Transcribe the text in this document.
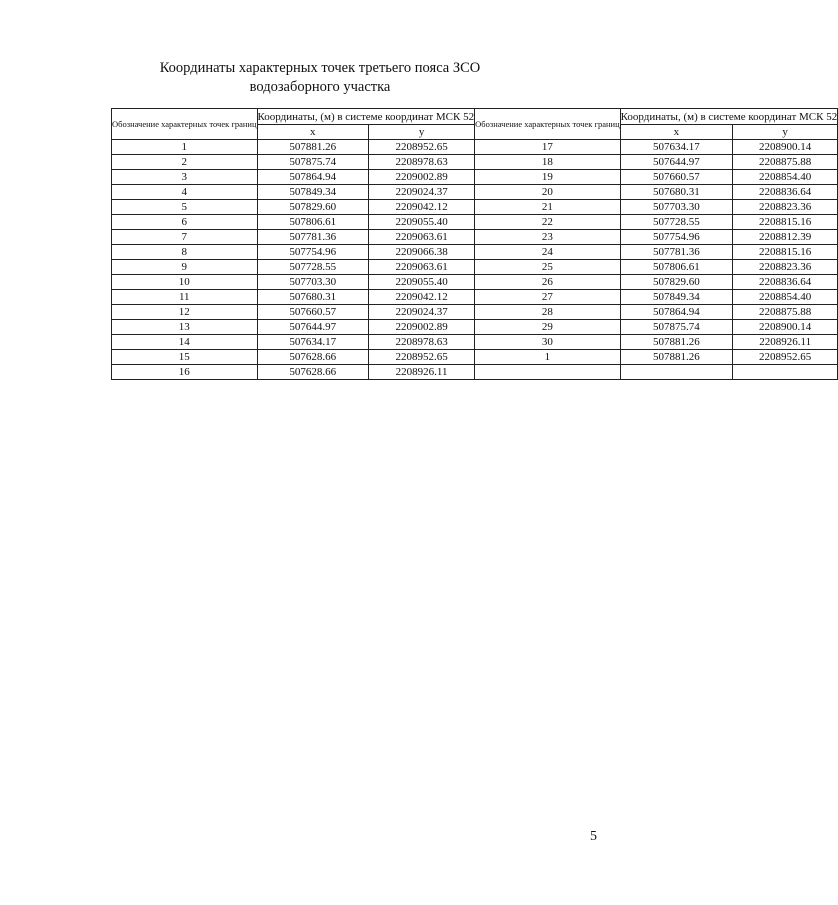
Координаты характерных точек третьего пояса ЗСО
водозаборного участка
Обозначение характерных точек границ	Координаты, (м) в системе координат МСК 52		Обозначение характерных точек границ	Координаты, (м) в системе координат МСК 52	
	x	y		x	y
1	507881.26	2208952.65	17	507634.17	2208900.14
2	507875.74	2208978.63	18	507644.97	2208875.88
3	507864.94	2209002.89	19	507660.57	2208854.40
4	507849.34	2209024.37	20	507680.31	2208836.64
5	507829.60	2209042.12	21	507703.30	2208823.36
6	507806.61	2209055.40	22	507728.55	2208815.16
7	507781.36	2209063.61	23	507754.96	2208812.39
8	507754.96	2209066.38	24	507781.36	2208815.16
9	507728.55	2209063.61	25	507806.61	2208823.36
10	507703.30	2209055.40	26	507829.60	2208836.64
11	507680.31	2209042.12	27	507849.34	2208854.40
12	507660.57	2209024.37	28	507864.94	2208875.88
13	507644.97	2209002.89	29	507875.74	2208900.14
14	507634.17	2208978.63	30	507881.26	2208926.11
15	507628.66	2208952.65	1	507881.26	2208952.65
16	507628.66	2208926.11			
5
